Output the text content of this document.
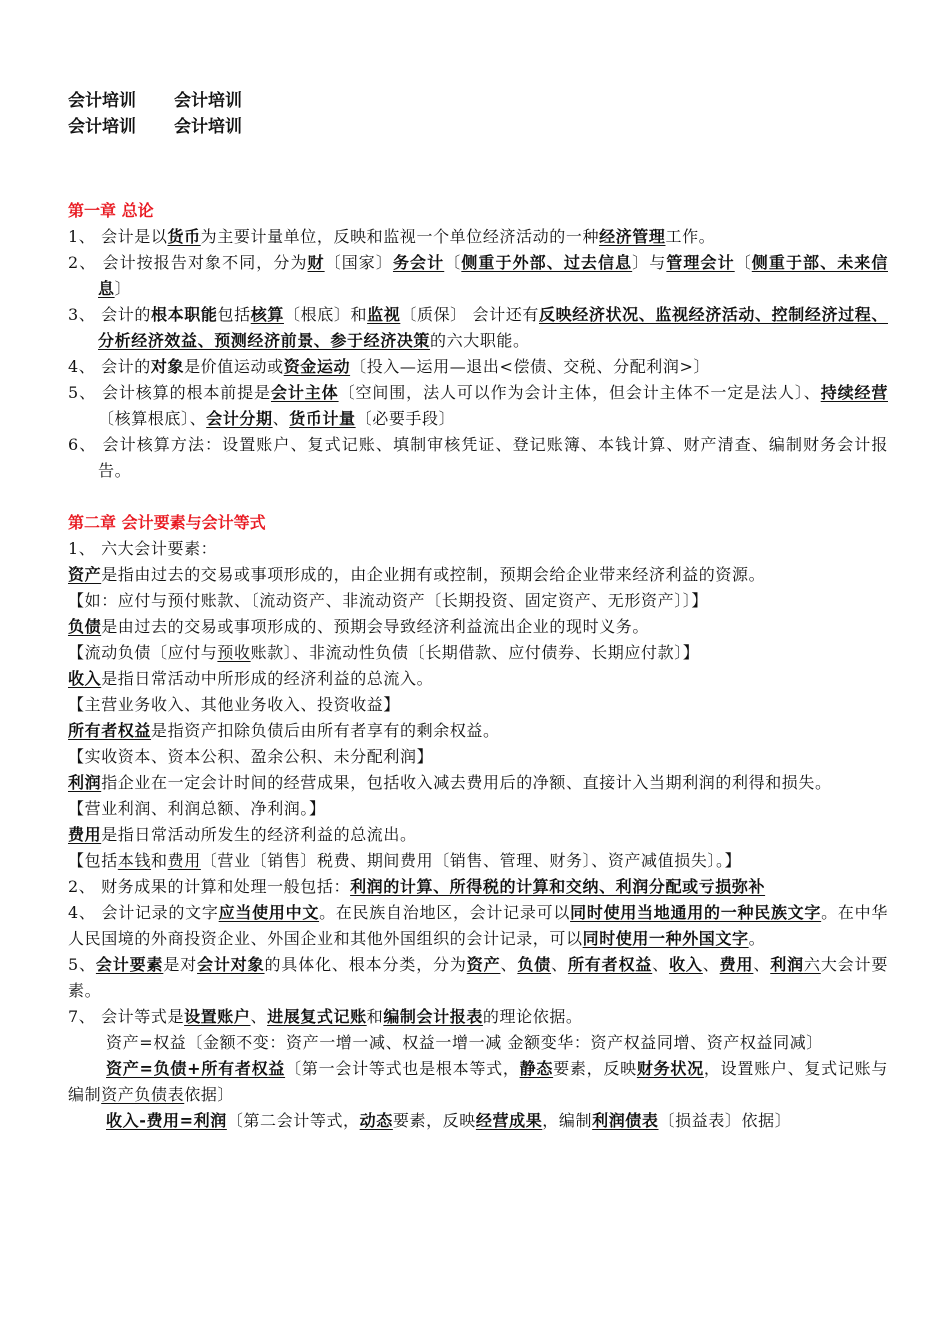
会计培训 会计培训
会计培训 会计培训
第一章 总论

1、 会计是以货币为主要计量单位，反映和监视一个单位经济活动的一种经济管理工作。

2、 会计按报告对象不同，分为财〔国家〕务会计〔侧重于外部、过去信息〕与管理会计〔侧重于部、未来信息〕

3、 会计的根本职能包括核算〔根底〕和监视〔质保〕 会计还有反映经济状况、监视经济活动、控制经济过程、分析经济效益、预测经济前景、参于经济决策的六大职能。

4、 会计的对象是价值运动或资金运动〔投入—运用—退出<偿债、交税、分配利润>〕

5、 会计核算的根本前提是会计主体〔空间围，法人可以作为会计主体，但会计主体不一定是法人〕、持续经营〔核算根底〕、会计分期、货币计量〔必要手段〕

6、 会计核算方法：设置账户、复式记账、填制审核凭证、登记账簿、本钱计算、财产清查、编制财务会计报告。

第二章 会计要素与会计等式

1、 六大会计要素：

资产是指由过去的交易或事项形成的，由企业拥有或控制，预期会给企业带来经济利益的资源。

【如：应付与预付账款、〔流动资产、非流动资产〔长期投资、固定资产、无形资产〕〕】

负债是由过去的交易或事项形成的、预期会导致经济利益流出企业的现时义务。

【流动负债〔应付与预收账款〕、非流动性负债〔长期借款、应付债券、长期应付款〕】

收入是指日常活动中所形成的经济利益的总流入。

【主营业务收入、其他业务收入、投资收益】

所有者权益是指资产扣除负债后由所有者享有的剩余权益。

【实收资本、资本公积、盈余公积、未分配利润】

利润指企业在一定会计时间的经营成果，包括收入减去费用后的净额、直接计入当期利润的利得和损失。

【营业利润、利润总额、净利润。】

费用是指日常活动所发生的经济利益的总流出。

【包括本钱和费用〔营业〔销售〕税费、期间费用〔销售、管理、财务〕、资产减值损失〕。】

2、 财务成果的计算和处理一般包括：利润的计算、所得税的计算和交纳、利润分配或亏损弥补

4、 会计记录的文字应当使用中文。在民族自治地区，会计记录可以同时使用当地通用的一种民族文字。在中华人民国境的外商投资企业、外国企业和其他外国组织的会计记录，可以同时使用一种外国文字。

5、会计要素是对会计对象的具体化、根本分类，分为资产、负债、所有者权益、收入、费用、利润六大会计要素。

7、 会计等式是设置账户、进展复式记账和编制会计报表的理论依据。

资产=权益〔金额不变：资产一增一减、权益一增一减 金额变华：资产权益同增、资产权益同减〕

资产=负债+所有者权益〔第一会计等式也是根本等式，静态要素，反映财务状况，设置账户、复式记账与编制资产负债表依据〕

收入-费用=利润〔第二会计等式，动态要素，反映经营成果，编制利润债表〔损益表〕依据〕
